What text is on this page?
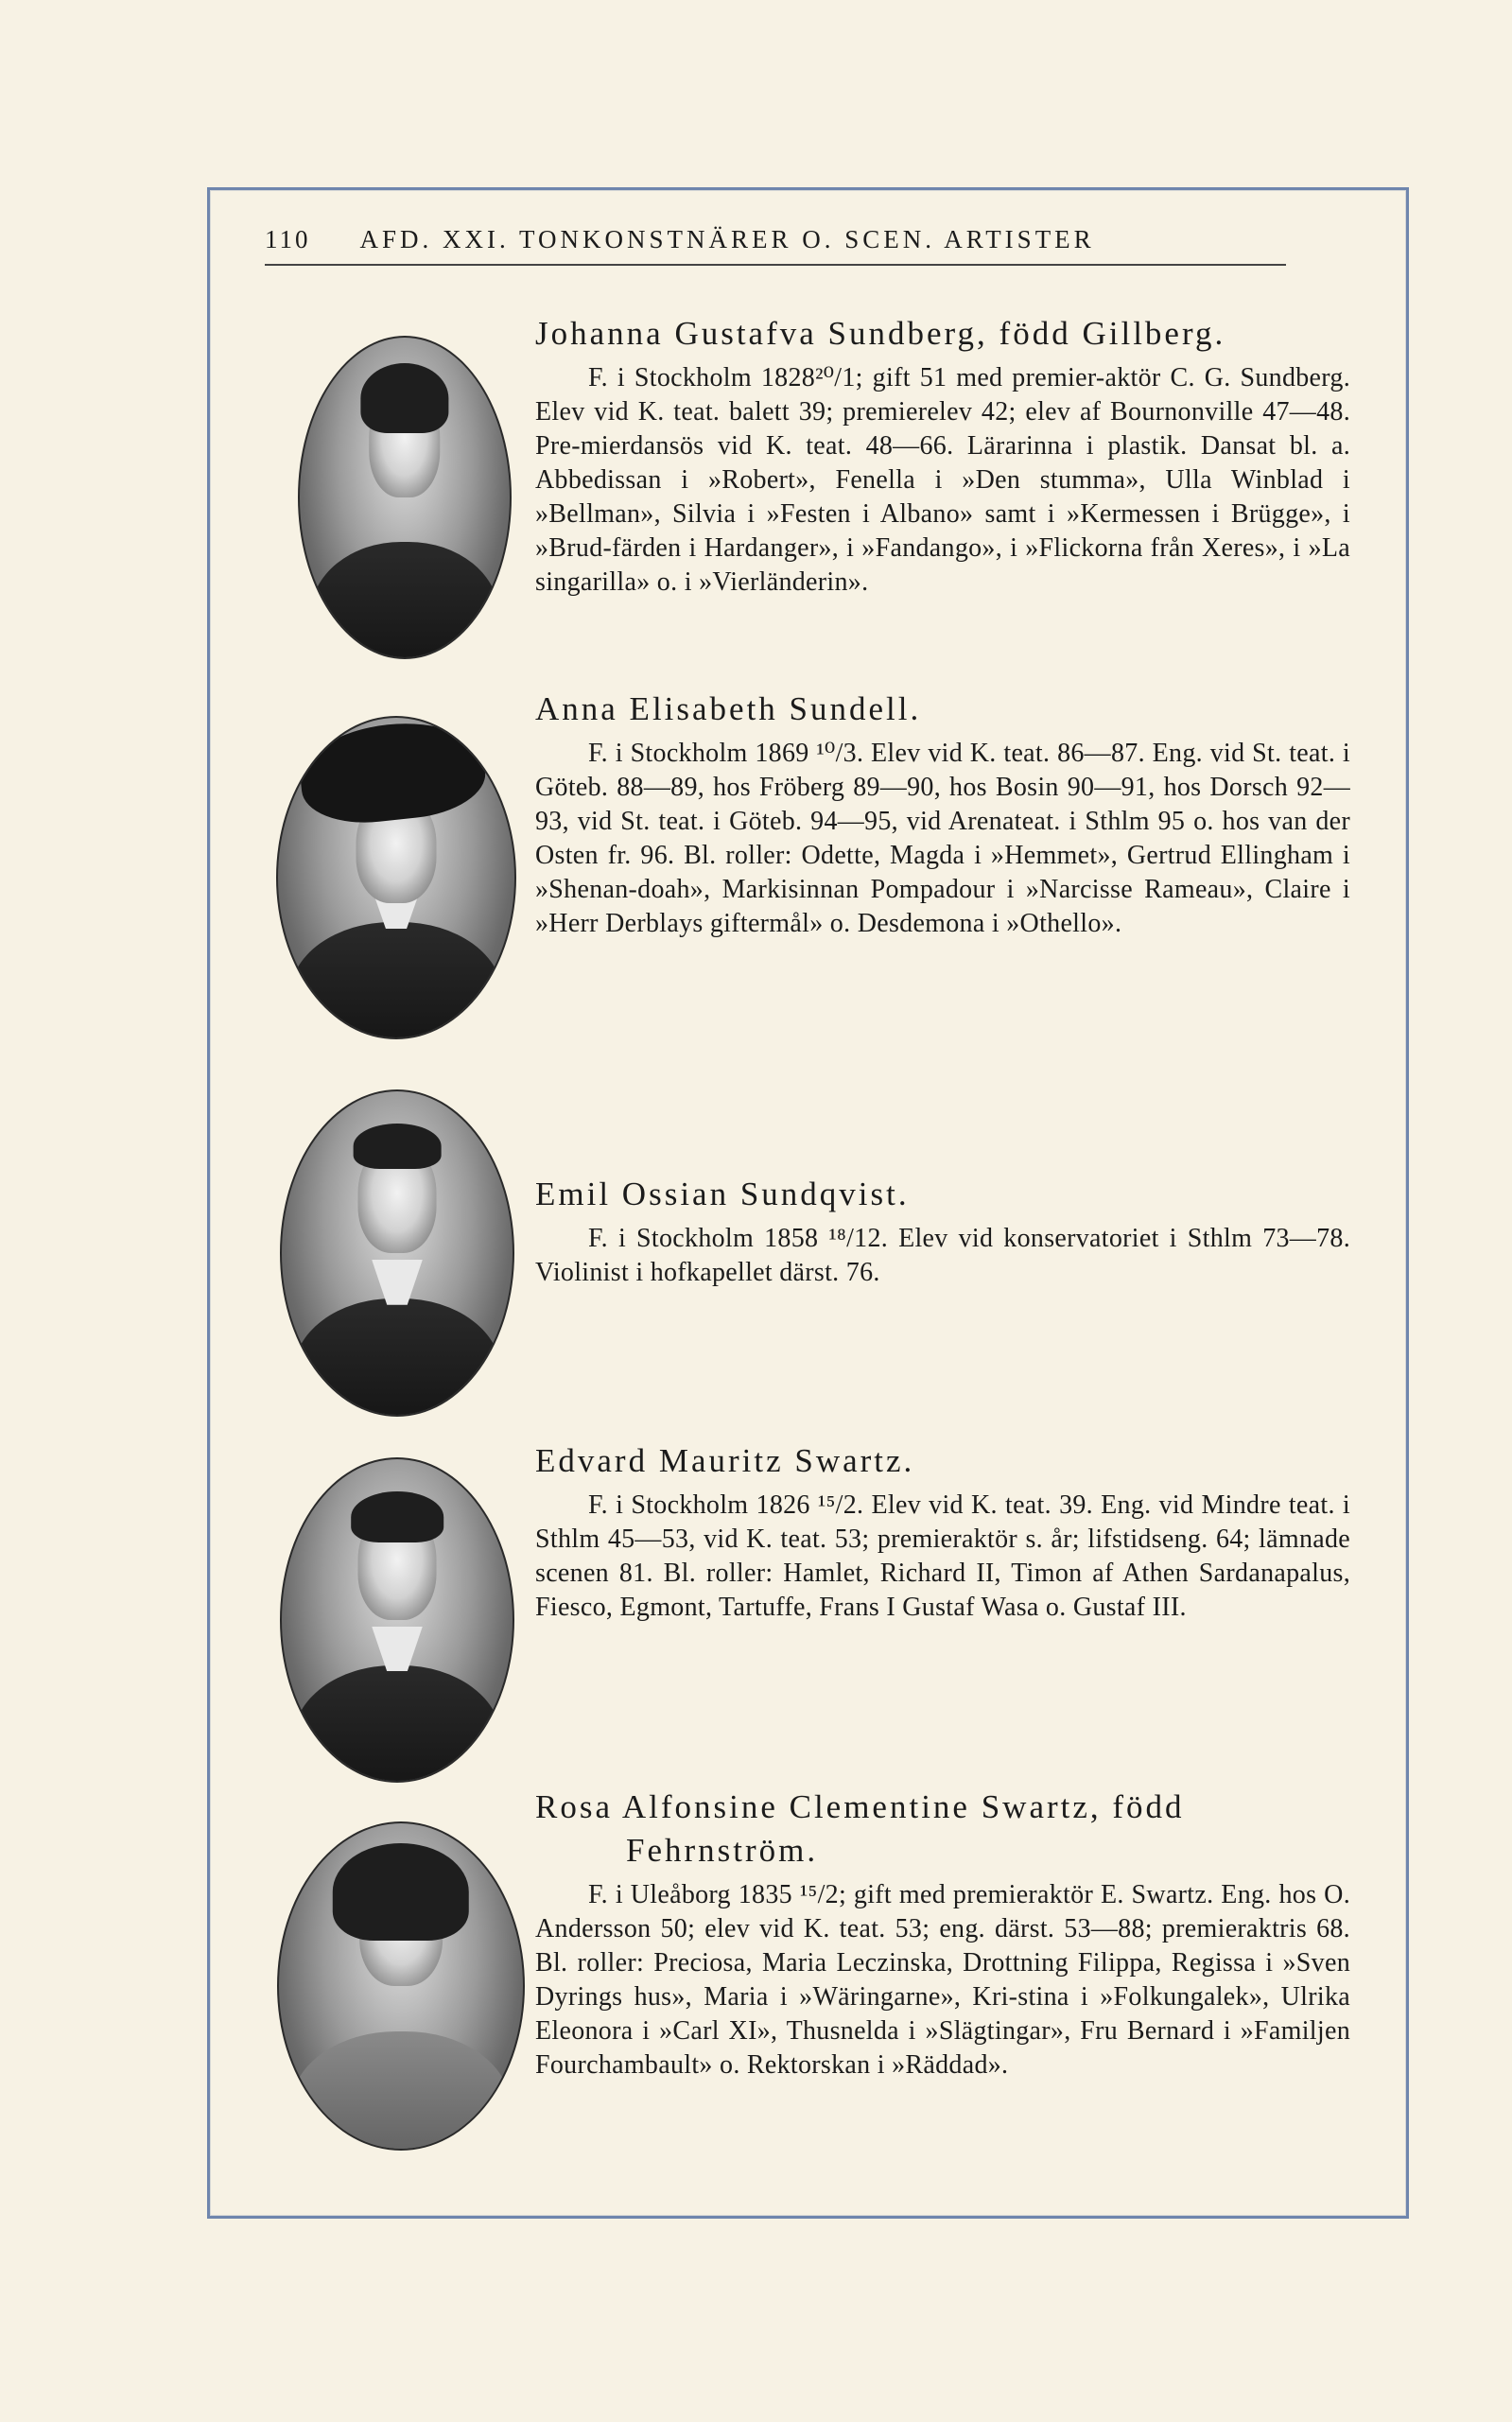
110 AFD. XXI. TONKONSTNÄRER O. SCEN. ARTISTER
Johanna Gustafva Sundberg, född Gillberg.
F. i Stockholm 1828²⁰/1; gift 51 med premier-aktör C. G. Sundberg. Elev vid K. teat. balett 39; premierelev 42; elev af Bournonville 47—48. Pre-mierdansös vid K. teat. 48—66. Lärarinna i plastik. Dansat bl. a. Abbedissan i »Robert», Fenella i »Den stumma», Ulla Winblad i »Bellman», Silvia i »Festen i Albano» samt i »Kermessen i Brügge», i »Brud-färden i Hardanger», i »Fandango», i »Flickorna från Xeres», i »La singarilla» o. i »Vierländerin».
Anna Elisabeth Sundell.
F. i Stockholm 1869 ¹⁰/3. Elev vid K. teat. 86—87. Eng. vid St. teat. i Göteb. 88—89, hos Fröberg 89—90, hos Bosin 90—91, hos Dorsch 92—93, vid St. teat. i Göteb. 94—95, vid Arenateat. i Sthlm 95 o. hos van der Osten fr. 96. Bl. roller: Odette, Magda i »Hemmet», Gertrud Ellingham i »Shenan-doah», Markisinnan Pompadour i »Narcisse Rameau», Claire i »Herr Derblays giftermål» o. Desdemona i »Othello».
Emil Ossian Sundqvist.
F. i Stockholm 1858 ¹⁸/12. Elev vid konservatoriet i Sthlm 73—78. Violinist i hofkapellet därst. 76.
Edvard Mauritz Swartz.
F. i Stockholm 1826 ¹⁵/2. Elev vid K. teat. 39. Eng. vid Mindre teat. i Sthlm 45—53, vid K. teat. 53; premieraktör s. år; lifstidseng. 64; lämnade scenen 81. Bl. roller: Hamlet, Richard II, Timon af Athen Sardanapalus, Fiesco, Egmont, Tartuffe, Frans I Gustaf Wasa o. Gustaf III.
Rosa Alfonsine Clementine Swartz, född
Fehrnström.
F. i Uleåborg 1835 ¹⁵/2; gift med premieraktör E. Swartz. Eng. hos O. Andersson 50; elev vid K. teat. 53; eng. därst. 53—88; premieraktris 68. Bl. roller: Preciosa, Maria Leczinska, Drottning Filippa, Regissa i »Sven Dyrings hus», Maria i »Wäringarne», Kri-stina i »Folkungalek», Ulrika Eleonora i »Carl XI», Thusnelda i »Slägtingar», Fru Bernard i »Familjen Fourchambault» o. Rektorskan i »Räddad».
